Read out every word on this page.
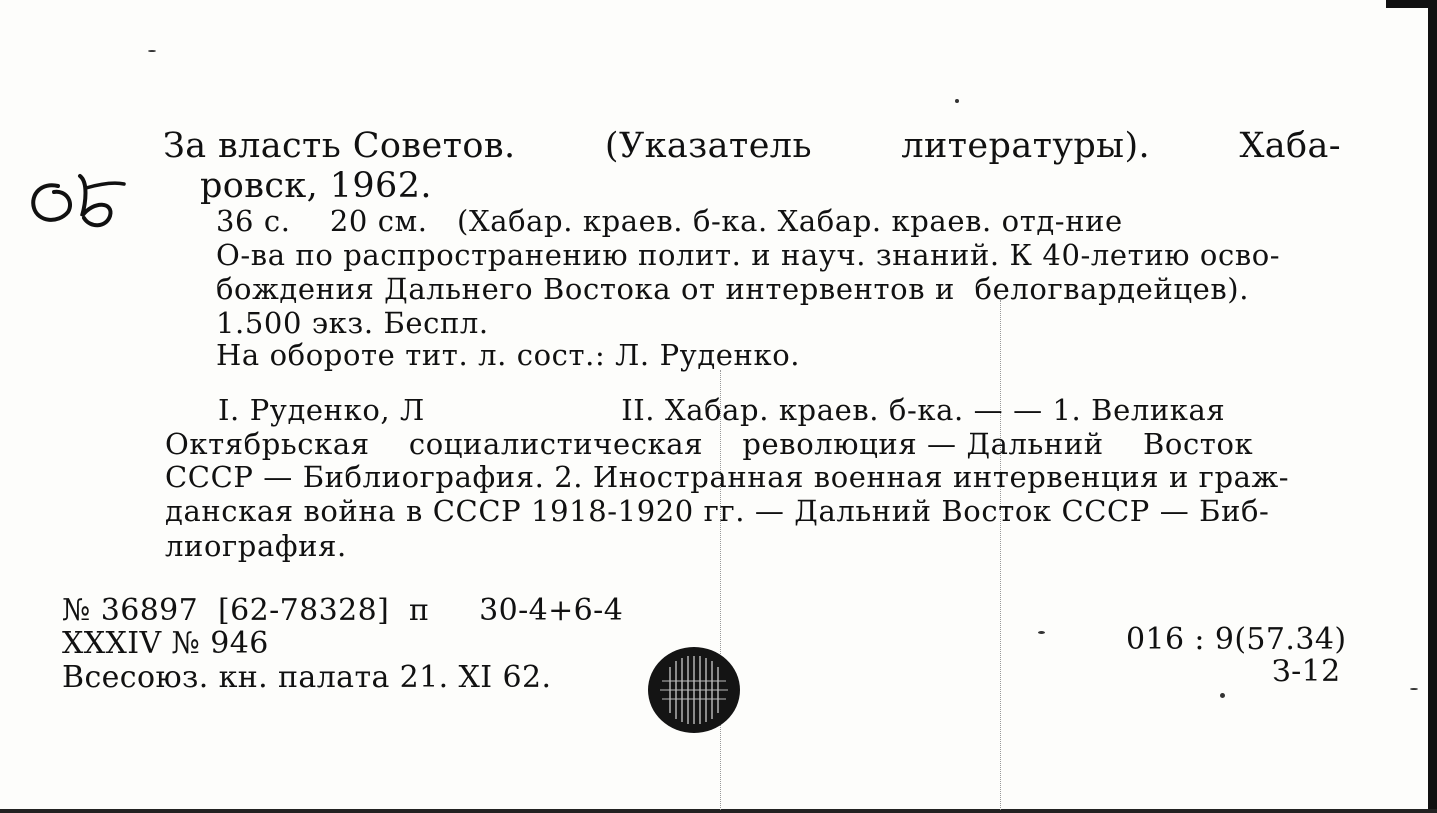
За власть Советов.	(Указатель	литературы).	Хаба-
ровск, 1962.
36 с.    20 см.   (Хабар. краев. б-ка. Хабар. краев. отд-ние
О-ва по распространению полит. и науч. знаний. К 40-летию осво-
бождения Дальнего Востока от интервентов и  белогвардейцев).
1.500 экз. Беспл.
На обороте тит. л. сост.: Л. Руденко.
I. Руденко, Л                    II. Хабар. краев. б-ка. — — 1. Великая
Октябрьская    социалистическая    революция — Дальний    Восток
СССР — Библиография. 2. Иностранная военная интервенция и граж-
данская война в СССР 1918-1920 гг. — Дальний Восток СССР — Биб-
лиография.
№ 36897  [62-78328]  п     30-4+6-4
XXXIV № 946
Всесоюз. кн. палата 21. XI 62.
016 : 9(57.34)
З-12
